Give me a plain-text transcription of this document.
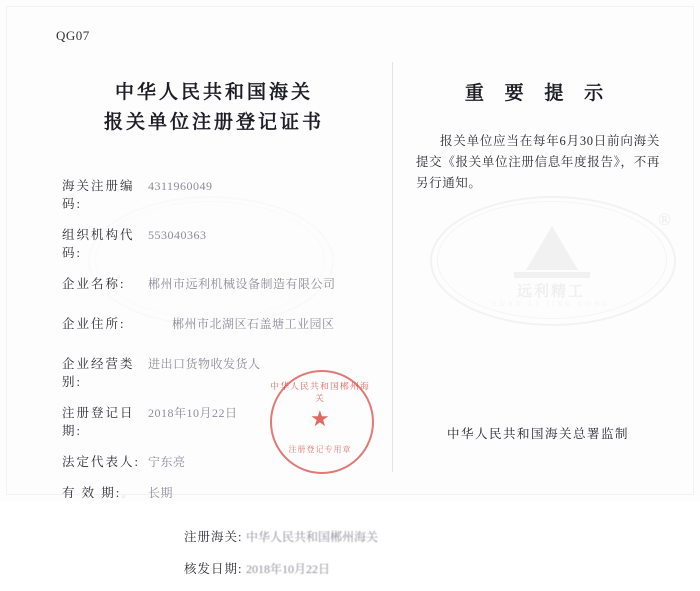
QG07
远利精工
YUAN LI JING GONG
®
中华人民共和国海关
报关单位注册登记证书
海关注册编码:
4311960049
组织机构代码:
553040363
企业名称:	郴州市远利机械设备制造有限公司
企业住所:	郴州市北湖区石盖塘工业园区
企业经营类别:
进出口货物收发货人
注册登记日期:
2018年10月22日
法定代表人: 宁东亮
有 效 期:	长期
注册海关: 中华人民共和国郴州海关
核发日期: 2018年10月22日
中华人民共和国郴州海关
★
注册登记专用章
重 要 提 示
报关单位应当在每年6月30日前向海关提交《报关单位注册信息年度报告》，不再另行通知。
中华人民共和国海关总署监制
。
